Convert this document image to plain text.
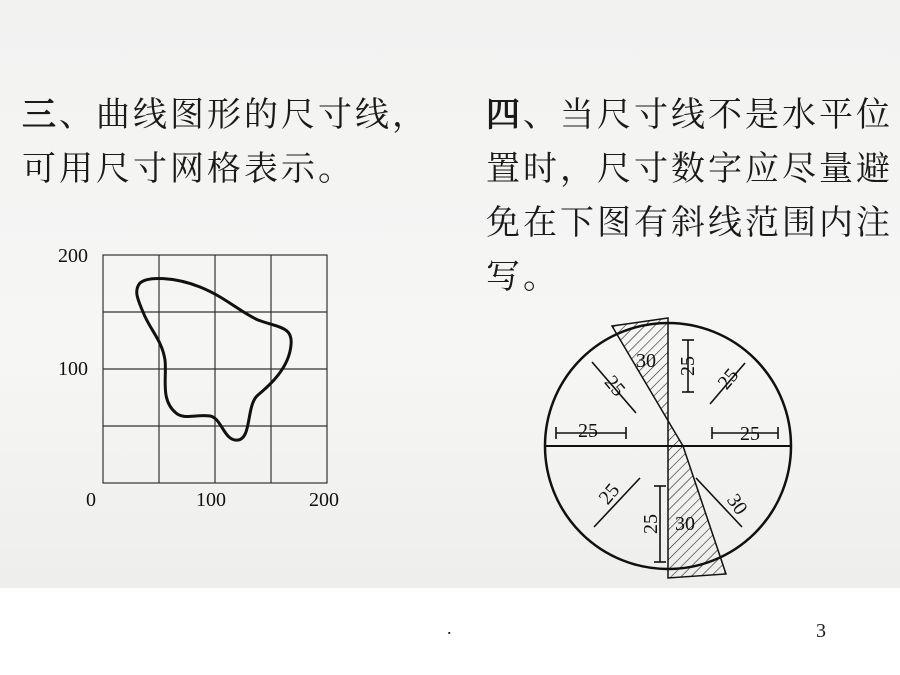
三、曲线图形的尺寸线，
可用尺寸网格表示。

四、当尺寸线不是水平位
置时，尺寸数字应尽量避
免在下图有斜线范围内注
写。

200
100
0	100	200
30 25
25	25
25	25
25
25
30
30
.	3
